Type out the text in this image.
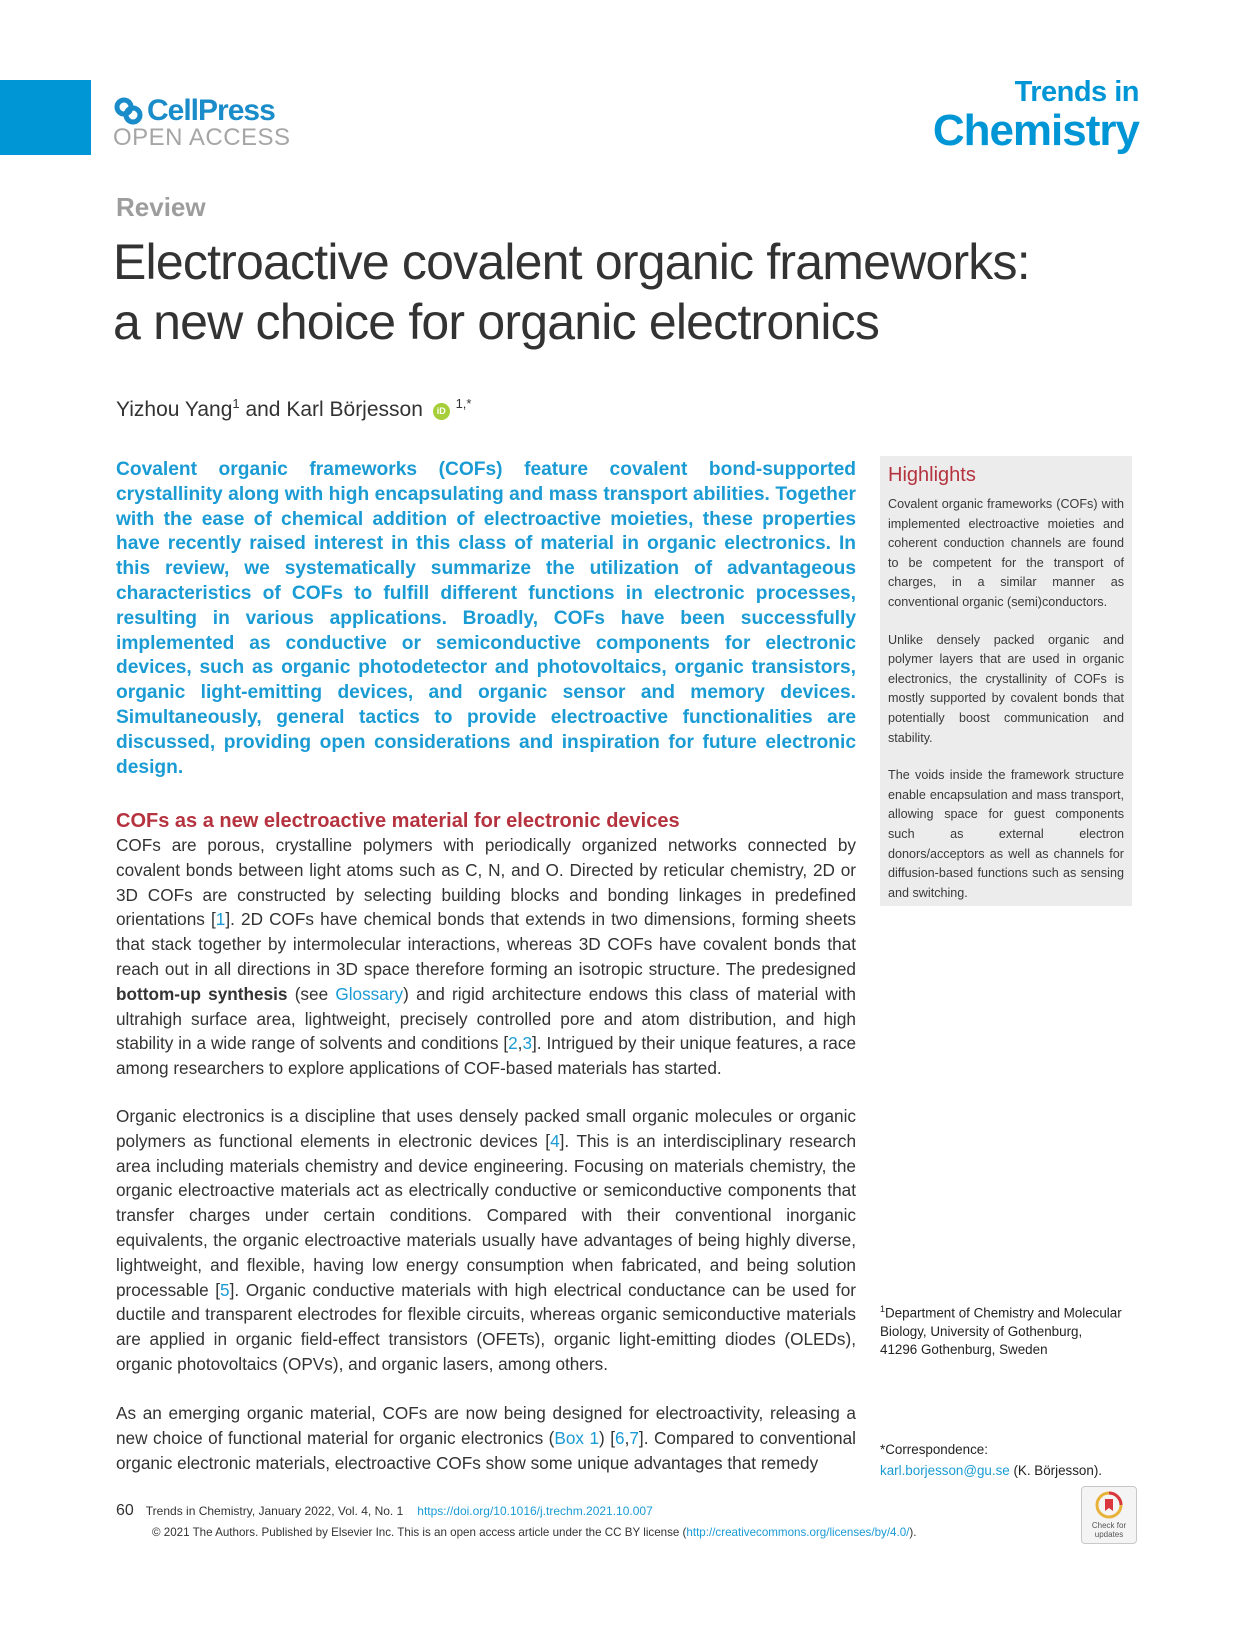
CellPress
OPEN ACCESS
Trends in
Chemistry
Review
Electroactive covalent organic frameworks:
a new choice for organic electronics
Yizhou Yang$^1$ and Karl Börjesson iD $^{1,*}$

Covalent organic frameworks (COFs) feature covalent bond-supported crystallinity along with high encapsulating and mass transport abilities. Together with the ease of chemical addition of electroactive moieties, these properties have recently raised interest in this class of material in organic electronics. In this review, we systematically summarize the utilization of advantageous characteristics of COFs to fulfill different functions in electronic processes, resulting in various applications. Broadly, COFs have been successfully implemented as conductive or semiconductive components for electronic devices, such as organic photodetector and photovoltaics, organic transistors, organic light-emitting devices, and organic sensor and memory devices. Simultaneously, general tactics to provide electroactive functionalities are discussed, providing open considerations and inspiration for future electronic design.

Highlights

Covalent organic frameworks (COFs) with implemented electroactive moieties and coherent conduction channels are found to be competent for the transport of charges, in a similar manner as conventional organic (semi)conductors.

Unlike densely packed organic and polymer layers that are used in organic electronics, the crystallinity of COFs is mostly supported by covalent bonds that potentially boost communication and stability.

The voids inside the framework structure enable encapsulation and mass transport, allowing space for guest components such as external electron donors/acceptors as well as channels for diffusion-based functions such as sensing and switching.

COFs as a new electroactive material for electronic devices

COFs are porous, crystalline polymers with periodically organized networks connected by covalent bonds between light atoms such as C, N, and O. Directed by reticular chemistry, 2D or 3D COFs are constructed by selecting building blocks and bonding linkages in predefined orientations [1]. 2D COFs have chemical bonds that extends in two dimensions, forming sheets that stack together by intermolecular interactions, whereas 3D COFs have covalent bonds that reach out in all directions in 3D space therefore forming an isotropic structure. The predesigned bottom-up synthesis (see Glossary) and rigid architecture endows this class of material with ultrahigh surface area, lightweight, precisely controlled pore and atom distribution, and high stability in a wide range of solvents and conditions [2,3]. Intrigued by their unique features, a race among researchers to explore applications of COF-based materials has started.

Organic electronics is a discipline that uses densely packed small organic molecules or organic polymers as functional elements in electronic devices [4]. This is an interdisciplinary research area including materials chemistry and device engineering. Focusing on materials chemistry, the organic electroactive materials act as electrically conductive or semiconductive components that transfer charges under certain conditions. Compared with their conventional inorganic equivalents, the organic electroactive materials usually have advantages of being highly diverse, lightweight, and flexible, having low energy consumption when fabricated, and being solution processable [5]. Organic conductive materials with high electrical conductance can be used for ductile and transparent electrodes for flexible circuits, whereas organic semiconductive materials are applied in organic field-effect transistors (OFETs), organic light-emitting diodes (OLEDs), organic photovoltaics (OPVs), and organic lasers, among others.

As an emerging organic material, COFs are now being designed for electroactivity, releasing a new choice of functional material for organic electronics (Box 1) [6,7]. Compared to conventional organic electronic materials, electroactive COFs show some unique advantages that remedy

$^1$Department of Chemistry and Molecular
Biology, University of Gothenburg,
41296 Gothenburg, Sweden
*Correspondence:
karl.borjesson@gu.se (K. Börjesson).
60 Trends in Chemistry, January 2022, Vol. 4, No. 1 https://doi.org/10.1016/j.trechm.2021.10.007
© 2021 The Authors. Published by Elsevier Inc. This is an open access article under the CC BY license (http://creativecommons.org/licenses/by/4.0/).
Check for
updates
